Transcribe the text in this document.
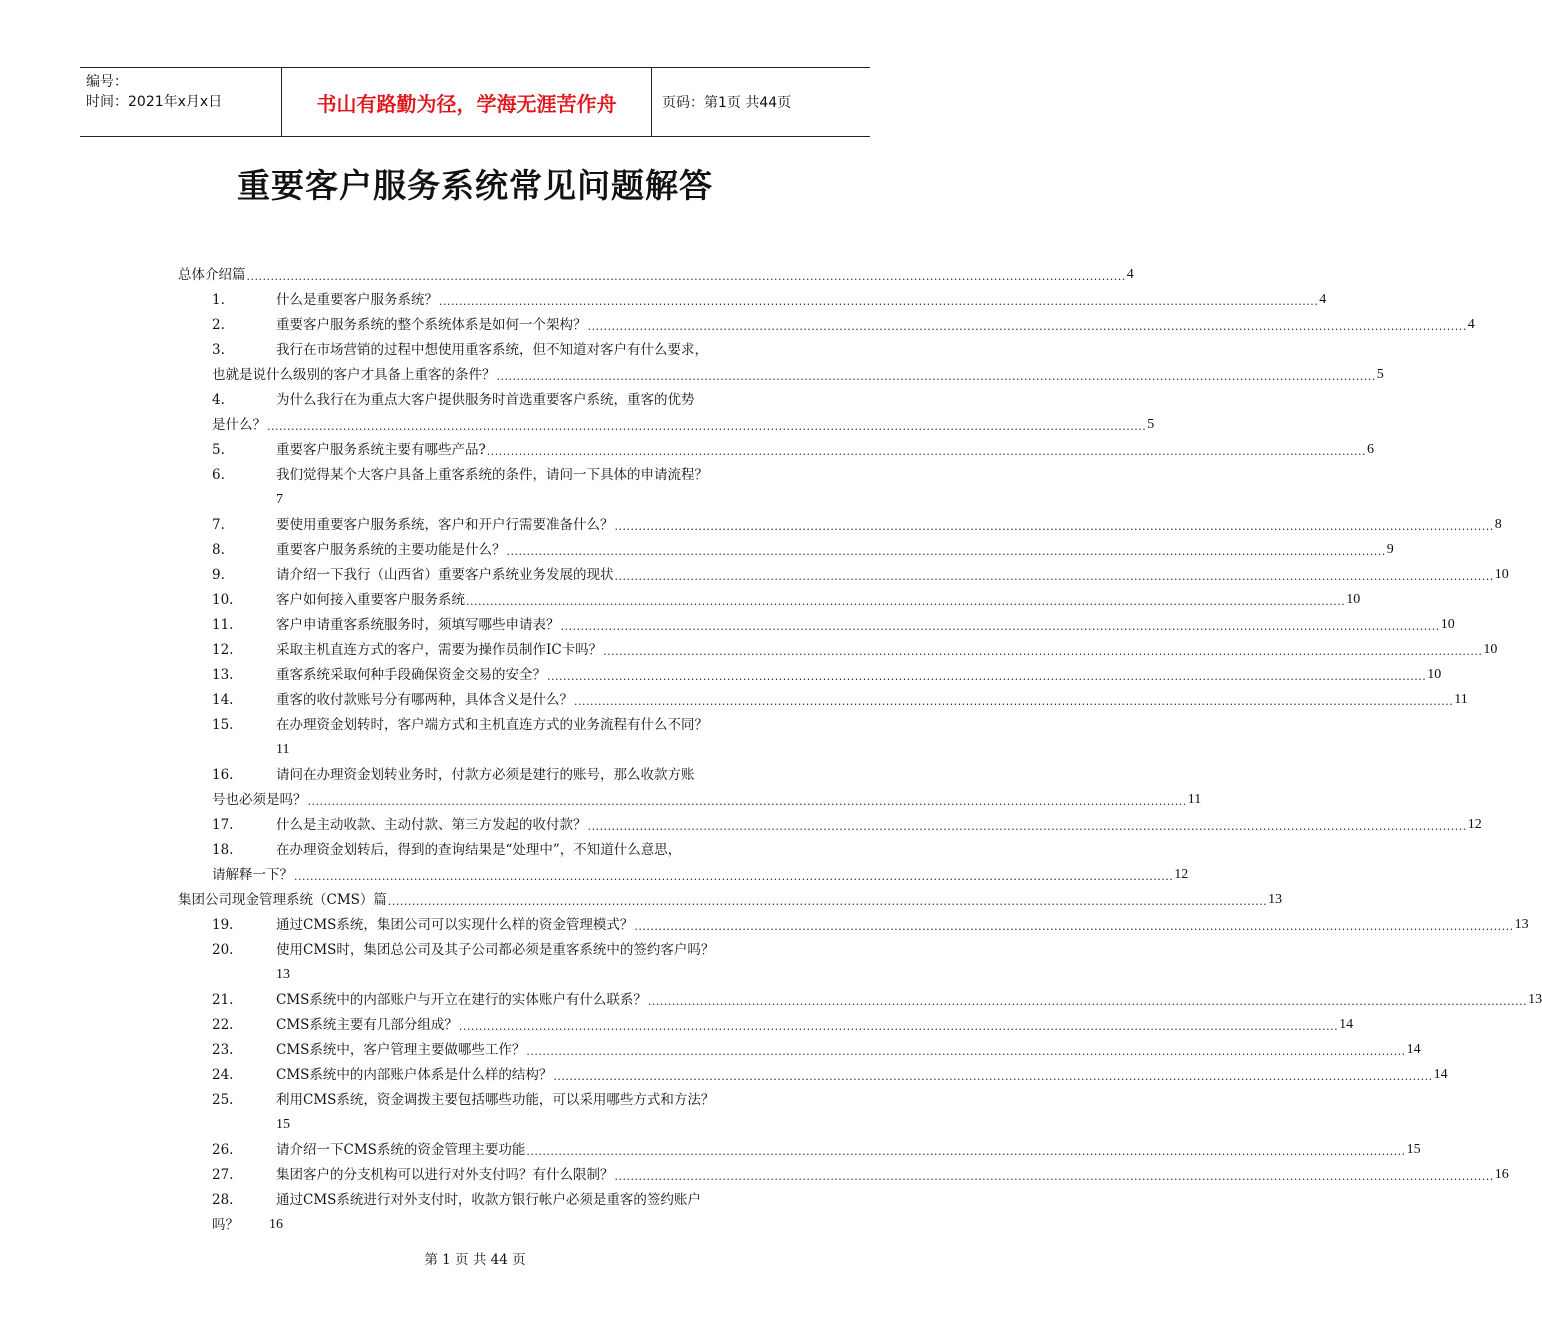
编号：
时间：2021年x月x日	书山有路勤为径，学海无涯苦作舟	页码：第1页 共44页
重要客户服务系统常见问题解答
总体介绍篇 ............................................................................................................................................................................................................................ 4
1.	什么是重要客户服务系统？ ............................................................................................................................................................................................................................ 4
2.	重要客户服务系统的整个系统体系是如何一个架构？ ............................................................................................................................................................................................................................ 4
3.	我行在市场营销的过程中想使用重客系统，但不知道对客户有什么要求，
也就是说什么级别的客户才具备上重客的条件？ ............................................................................................................................................................................................................................ 5
4.	为什么我行在为重点大客户提供服务时首选重要客户系统，重客的优势
是什么？ ............................................................................................................................................................................................................................ 5
5.	重要客户服务系统主要有哪些产品? ............................................................................................................................................................................................................................ 6
6.	我们觉得某个大客户具备上重客系统的条件，请问一下具体的申请流程？
7
7.	要使用重要客户服务系统，客户和开户行需要准备什么？ ............................................................................................................................................................................................................................ 8
8.	重要客户服务系统的主要功能是什么？ ............................................................................................................................................................................................................................ 9
9.	请介绍一下我行（山西省）重要客户系统业务发展的现状 ............................................................................................................................................................................................................................ 10
10.	客户如何接入重要客户服务系统 ............................................................................................................................................................................................................................ 10
11.	客户申请重客系统服务时，须填写哪些申请表？ ............................................................................................................................................................................................................................ 10
12.	采取主机直连方式的客户，需要为操作员制作IC卡吗？ ............................................................................................................................................................................................................................ 10
13.	重客系统采取何种手段确保资金交易的安全？ ............................................................................................................................................................................................................................ 10
14.	重客的收付款账号分有哪两种，具体含义是什么？ ............................................................................................................................................................................................................................ 11
15.	在办理资金划转时，客户端方式和主机直连方式的业务流程有什么不同？
11
16.	请问在办理资金划转业务时，付款方必须是建行的账号，那么收款方账
号也必须是吗？ ............................................................................................................................................................................................................................ 11
17.	什么是主动收款、主动付款、第三方发起的收付款？ ............................................................................................................................................................................................................................ 12
18.	在办理资金划转后，得到的查询结果是“处理中”，不知道什么意思，
请解释一下？ ............................................................................................................................................................................................................................ 12
集团公司现金管理系统（CMS）篇 ............................................................................................................................................................................................................................ 13
19.	通过CMS系统，集团公司可以实现什么样的资金管理模式？ ............................................................................................................................................................................................................................ 13
20.	使用CMS时，集团总公司及其子公司都必须是重客系统中的签约客户吗？
13
21.	CMS系统中的内部账户与开立在建行的实体账户有什么联系？ ............................................................................................................................................................................................................................ 13
22.	CMS系统主要有几部分组成？ ............................................................................................................................................................................................................................ 14
23.	CMS系统中，客户管理主要做哪些工作？ ............................................................................................................................................................................................................................ 14
24.	CMS系统中的内部账户体系是什么样的结构？ ............................................................................................................................................................................................................................ 14
25.	利用CMS系统，资金调拨主要包括哪些功能，可以采用哪些方式和方法？
15
26.	请介绍一下CMS系统的资金管理主要功能 ............................................................................................................................................................................................................................ 15
27.	集团客户的分支机构可以进行对外支付吗？有什么限制？ ............................................................................................................................................................................................................................ 16
28.	通过CMS系统进行对外支付时，收款方银行帐户必须是重客的签约账户
吗？	16
第 1 页 共 44 页
